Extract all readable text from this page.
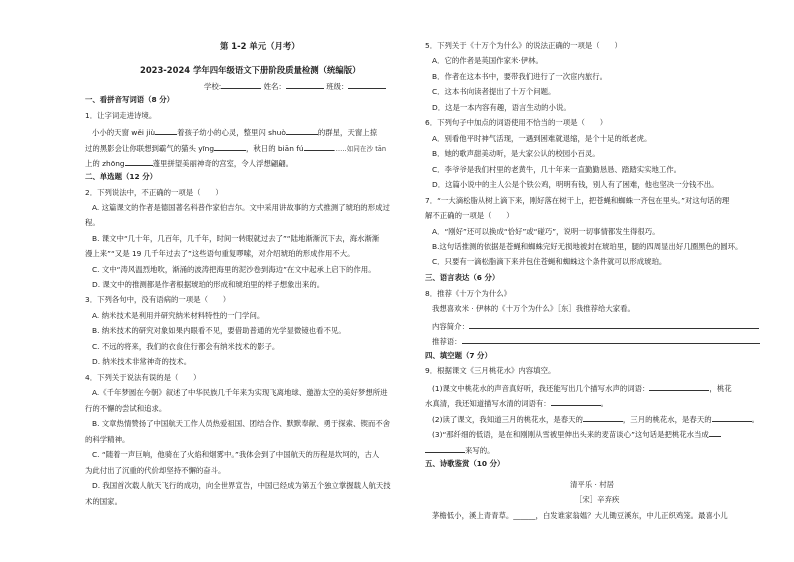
第 1-2 单元（月考）
2023-2024 学年四年级语文下册阶段质量检测（统编版）
学校:	姓名：	班级：
一、看拼音写词语（8 分）
1．让字词走进诗境。
小小的天窗 wěi jiù	着孩子幼小的心灵，整里闪 shuò	的群星，天窗上掠
过的黑影会让你联想到霸气的猫头 yīng	，秋日的 biān fú	……如同在沙 tān
上的 zhōng	蓬里拼望美丽神奇的宫室，令人浮想翩翩。
二、单选题（12 分）
2．下列说法中，不正确的一项是（　　）
A. 这篇课文的作者是德国著名科普作家伯吉尔。文中采用讲故事的方式推测了琥珀的形成过
程。
B. 课文中“几十年，几百年，几千年，时间一转眼就过去了”“陆地渐渐沉下去，海水渐渐
漫上来”“又是 19 几千年过去了”这些语句重复啰嗦，对介绍琥珀的形成作用不大。
C. 文中“涛风温烈地吹，渐涌的波涛把海里的泥沙卷到海边”在文中起承上启下的作用。
D. 课文中的推测都是作者根据琥珀的形成和琥珀里的样子想象出来的。
3．下列各句中，没有语病的一项是（　　）
A. 纳米技术是利用并研究纳米材料特性的一门学问。
B. 纳米技术的研究对象如果内眼看不见，要借助普通的光学显微镜也看不见。
C. 不远的将来，我们的衣食住行都会有纳米技术的影子。
D. 纳米技术非常神奇的技术。
4．下列关于说法有误的是（　　）
A.《千年梦圆在今朝》叙述了中华民族几千年来为实现飞离地球、邀游太空的美好梦想所进
行的不懈的尝试和追求。
B. 文章热情赞扬了中国航天工作人员热爱祖国、团结合作、默默奉献、勇于探索、锲而不舍
的科学精神。
C. “随着一声巨响，他骑在了火焰和烟雾中。”我体会到了中国航天的历程是坎坷的，古人
为此付出了沉重的代价却坚持不懈的奋斗。
D. 我国首次载人航天飞行的成功，向全世界宣告，中国已经成为第五个独立掌握载人航天技
术的国家。
5．下列关于《十万个为什么》的说法正确的一项是（　　）
A．它的作者是英国作家米·伊林。
B．作者在这本书中，要带我们进行了一次宦内旅行。
C．这本书向读者提出了十万个问题。
D．这是一本内容有趣，语言生动的小说。
6．下列句子中加点的词语使用不恰当的一项是（　　）
A．别看他平时神气活现，一遇到困难就退缩，是个十足的纸老虎。
B．她的歌声甜美动听，是大家公认的校园小百灵。
C．李爷爷是我们村里的老黄牛，几十年来一直勤勤恳恳、踏踏实实地工作。
D．这篇小说中的主人公是个铁公鸡，明明有钱，别人有了困难，他也坚决一分钱不出。
7．“一大滴松脂从树上滴下来，刚好落在树干上，把苍蝇和蜘蛛一齐包在里头。”对这句话的理
解不正确的一项是（　　）
A．“刚好”还可以换成“恰好”或“碰巧”，说明一切事情都发生得很巧。
B.这句话推测的依据是苍蝇和蜘蛛完好无损地被封在琥珀里，腿的四周显出好几圈黑色的圆环。
C．只要有一滴松脂滴下来并包住苍蝇和蜘蛛这个条件就可以形成琥珀。
三、语言表达（6 分）
8．推荐《十万个为什么》
我想喜欢米 · 伊林的《十万个为什么》［东］我推荐给大家看。
内容简介：
推荐语：
四、填空题（7 分）
9．根据课文《三月桃花水》内容填空。
(1)课文中桃花水的声音真好听，我还能写出几个描写水声的词语：	，桃花
水真清，我还知道描写水清的词语有：	。
(2)读了课文，我知道三月的桃花水，是春天的	，三月的桃花水，是春天的	。
(3)“那纤细的低语，是在和刚刚从雪被里伸出头来的麦苗谈心”这句话是把桃花水当成
来写的。
五、诗歌鉴赏（10 分）
清平乐 · 村居
［宋］辛弃疾
茅檐低小，溪上青青草。______，白发谁家翁媪？大儿锄豆溪东，中儿正织鸡笼。最喜小儿
